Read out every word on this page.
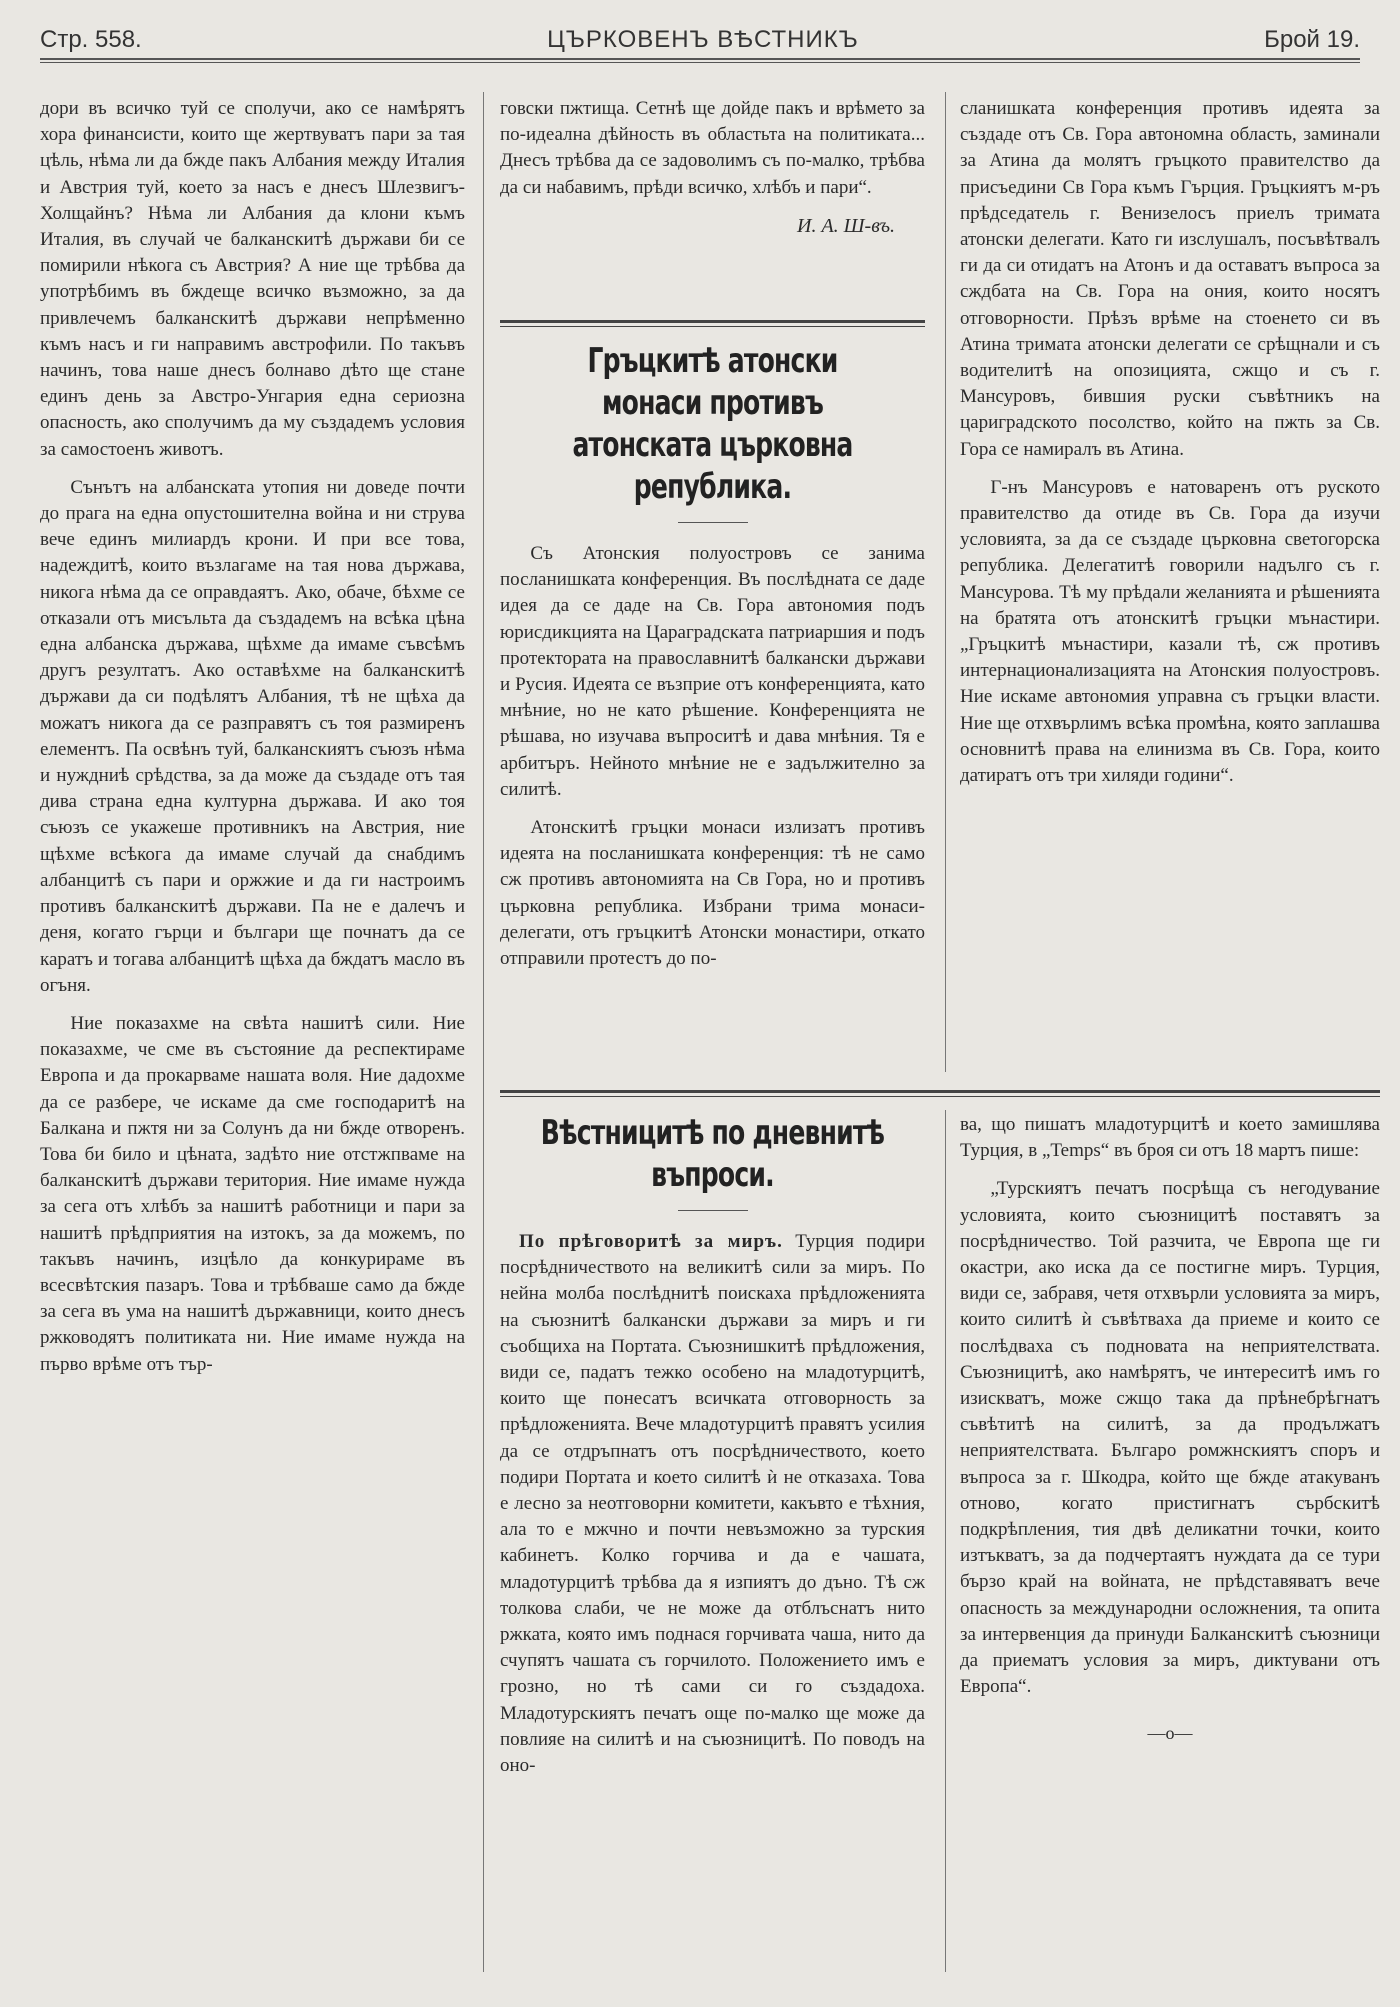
Стр. 558.	ЦЪРКОВЕНЪ ВѢСТНИКЪ	Брой 19.

дори въ всичко туй се сполучи, ако се намѣрятъ хора финансисти, които ще жертвуватъ пари за тая цѣль, нѣма ли да бжде пакъ Албания между Италия и Австрия туй, което за насъ е днесъ Шлезвигъ-Холщайнъ? Нѣма ли Албания да клони къмъ Италия, въ случай че балканскитѣ държави би се помирили нѣкога съ Австрия? А ние ще трѣбва да употрѣбимъ въ бждеще всичко възможно, за да привлечемъ балканскитѣ държави непрѣменно къмъ насъ и ги направимъ австрофили. По такъвъ начинъ, това наше днесъ болнаво дѣто ще стане единъ день за Австро-Унгария една сериозна опасность, ако сполучимъ да му създадемъ условия за самостоенъ животъ.

Сънътъ на албанската утопия ни доведе почти до прага на една опустошителна война и ни струва вече единъ милиардъ крони. И при все това, надеждитѣ, които възлагаме на тая нова държава, никога нѣма да се оправдаятъ. Ако, обаче, бѣхме се отказали отъ мисъльта да създадемъ на всѣка цѣна една албанска държава, щѣхме да имаме съвсѣмъ другъ резултатъ. Ако оставѣхме на балканскитѣ държави да си подѣлятъ Албания, тѣ не щѣха да можатъ никога да се разправятъ съ тоя размиренъ елементъ. Па освѣнъ туй, балканскиятъ съюзъ нѣма и нуждниѣ срѣдства, за да може да създаде отъ тая дива страна една културна държава. И ако тоя съюзъ се укажеше противникъ на Австрия, ние щѣхме всѣкога да имаме случай да снабдимъ албанцитѣ съ пари и оржжие и да ги настроимъ противъ балканскитѣ държави. Па не е далечъ и деня, когато гърци и българи ще почнатъ да се каратъ и тогава албанцитѣ щѣха да бждатъ масло въ огъня.

Ние показахме на свѣта нашитѣ сили. Ние показахме, че сме въ състояние да респектираме Европа и да прокарваме нашата воля. Ние дадохме да се разбере, че искаме да сме господаритѣ на Балкана и пжтя ни за Солунъ да ни бжде отворенъ. Това би било и цѣната, задѣто ние отстжпваме на балканскитѣ държави територия. Ние имаме нужда за сега отъ хлѣбъ за нашитѣ работници и пари за нашитѣ прѣдприятия на изтокъ, за да можемъ, по такъвъ начинъ, изцѣло да конкурираме въ всесвѣтския пазаръ. Това и трѣбваше само да бжде за сега въ ума на нашитѣ държавници, които днесъ ржководятъ политиката ни. Ние имаме нужда на първо врѣме отъ тър-

говски пжтища. Сетнѣ ще дойде пакъ и врѣмето за по-идеална дѣйность въ областьта на политиката... Днесъ трѣбва да се задоволимъ съ по-малко, трѣбва да си набавимъ, прѣди всичко, хлѣбъ и пари“.

И. А. Ш-въ.
Гръцкитѣ атонски монаси противъ атонската църковна република.

Съ Атонския полуостровъ се занима посланишката конференция. Въ послѣдната се даде идея да се даде на Св. Гора автономия подъ юрисдикцията на Цараградската патриаршия и подъ протектората на православнитѣ балкански държави и Русия. Идеята се възприе отъ конференцията, като мнѣние, но не като рѣшение. Конференцията не рѣшава, но изучава въпроситѣ и дава мнѣния. Тя е арбитъръ. Нейното мнѣние не е задължително за силитѣ.

Атонскитѣ гръцки монаси излизатъ противъ идеята на посланишката конференция: тѣ не само сж противъ автономията на Св Гора, но и противъ църковна република. Избрани трима монаси-делегати, отъ гръцкитѣ Атонски монастири, откато отправили протестъ до по-

сланишката конференция противъ идеята за създаде отъ Св. Гора автономна область, заминали за Атина да молятъ гръцкото правителство да присъедини Св Гора къмъ Гърция. Гръцкиятъ м-ръ прѣдседатель г. Венизелосъ приелъ тримата атонски делегати. Като ги изслушалъ, посъвѣтвалъ ги да си отидатъ на Атонъ и да оставатъ въпроса за сждбата на Св. Гора на ония, които носятъ отговорности. Прѣзъ врѣме на стоенето си въ Атина тримата атонски делегати се срѣщнали и съ водителитѣ на опозицията, сжщо и съ г. Мансуровъ, бившия руски съвѣтникъ на цариградското посолство, който на пжть за Св. Гора се намиралъ въ Атина.

Г-нъ Мансуровъ е натоваренъ отъ руското правителство да отиде въ Св. Гора да изучи условията, за да се създаде църковна светогорска република. Делегатитѣ говорили надълго съ г. Мансурова. Тѣ му прѣдали желанията и рѣшенията на братята отъ атонскитѣ гръцки мънастири. „Гръцкитѣ мънастири, казали тѣ, сж противъ интернационализацията на Атонския полуостровъ. Ние искаме автономия управна съ гръцки власти. Ние ще отхвърлимъ всѣка промѣна, която заплашва основнитѣ права на елинизма въ Св. Гора, които датиратъ отъ три хиляди години“.

Вѣстницитѣ по дневнитѣ въпроси.

 По прѣговоритѣ за миръ. Турция подири посрѣдничеството на великитѣ сили за миръ. По нейна молба послѣднитѣ поискаха прѣдложенията на съюзнитѣ балкански държави за миръ и ги съобщиха на Портата. Съюзнишкитѣ прѣдложения, види се, падатъ тежко особено на младотурцитѣ, които ще понесатъ всичката отговорность за прѣдложенията. Вече младотурцитѣ правятъ усилия да се отдръпнатъ отъ посрѣдничеството, което подири Портата и което силитѣ ѝ не отказаха. Това е лесно за неотговорни комитети, какъвто е тѣхния, ала то е мжчно и почти невъзможно за турския кабинетъ. Колко горчива и да е чашата, младотурцитѣ трѣбва да я изпиятъ до дъно. Тѣ сж толкова слаби, че не може да отблъснатъ нито ржката, която имъ поднася горчивата чаша, нито да счупятъ чашата съ горчилото. Положението имъ е грозно, но тѣ сами си го създадоха. Младотурскиятъ печатъ още по-малко ще може да повлияе на силитѣ и на съюзницитѣ. По поводъ на оно-

ва, що пишатъ младотурцитѣ и което замишлява Турция, в „Temps“ въ броя си отъ 18 мартъ пише:

„Турскиятъ печатъ посрѣща съ негодувание условията, които съюзницитѣ поставятъ за посрѣдничество. Той разчита, че Европа ще ги окастри, ако иска да се постигне миръ. Турция, види се, забравя, четя отхвърли условията за миръ, които силитѣ ѝ съвѣтваха да приеме и които се послѣдваха съ подновата на неприятелствата. Съюзницитѣ, ако намѣрятъ, че интереситѣ имъ го изискватъ, може сжщо така да прѣнебрѣгнатъ съвѣтитѣ на силитѣ, за да продължатъ неприятелствата. Българо ромжнскиятъ споръ и въпроса за г. Шкодра, който ще бжде атакуванъ отново, когато пристигнатъ сърбскитѣ подкрѣпления, тия двѣ деликатни точки, които изтъкватъ, за да подчертаятъ нуждата да се тури бързо край на войната, не прѣдставяватъ вече опасность за международни осложнения, та опита за интервенция да принуди Балканскитѣ съюзници да приематъ условия за миръ, диктувани отъ Европа“.

—о—
